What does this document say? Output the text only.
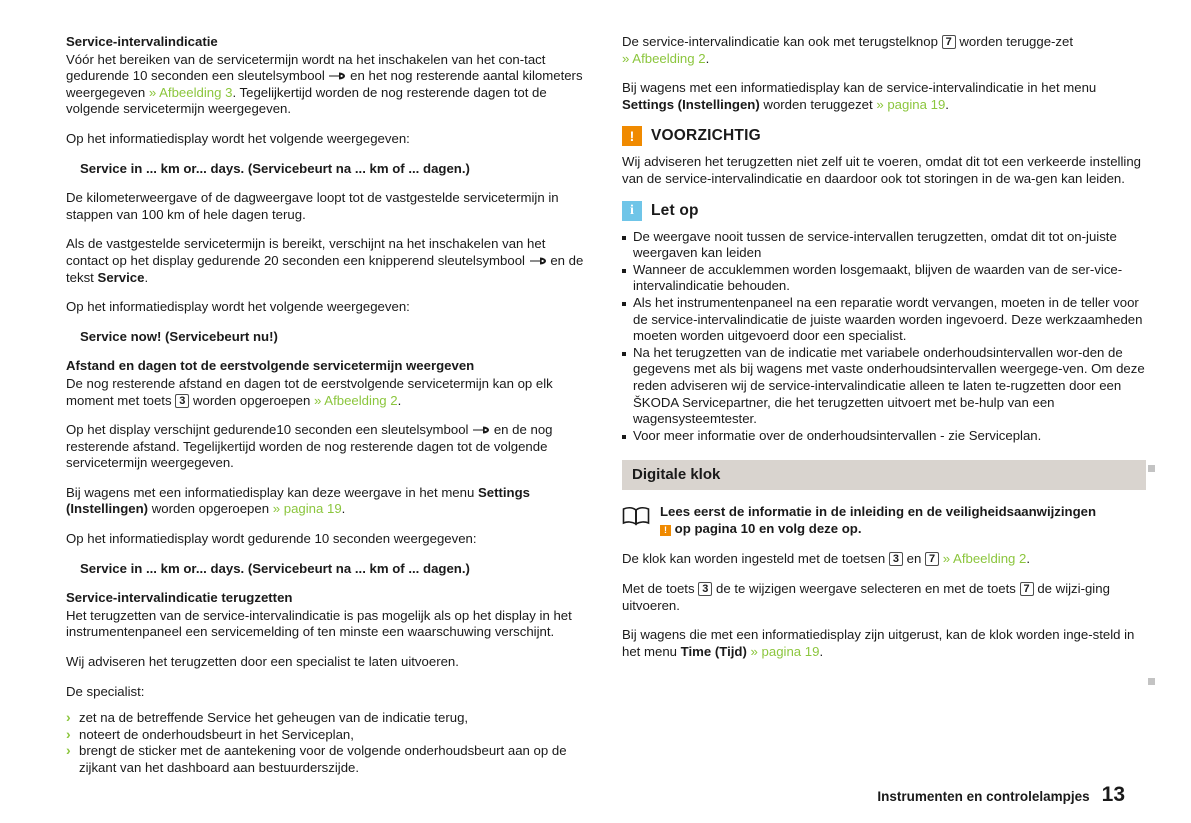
Service-intervalindicatie

Vóór het bereiken van de servicetermijn wordt na het inschakelen van het con-tact gedurende 10 seconden een sleutelsymbool en het nog resterende aantal kilometers weergegeven » Afbeelding 3. Tegelijkertijd worden de nog resterende dagen tot de volgende servicetermijn weergegeven.

Op het informatiedisplay wordt het volgende weergegeven:

Service in ... km or... days. (Servicebeurt na ... km of ... dagen.)

De kilometerweergave of de dagweergave loopt tot de vastgestelde servicetermijn in stappen van 100 km of hele dagen terug.

Als de vastgestelde servicetermijn is bereikt, verschijnt na het inschakelen van het contact op het display gedurende 20 seconden een knipperend sleutelsymbool en de tekst Service.

Op het informatiedisplay wordt het volgende weergegeven:

Service now! (Servicebeurt nu!)
Afstand en dagen tot de eerstvolgende servicetermijn weergeven

De nog resterende afstand en dagen tot de eerstvolgende servicetermijn kan op elk moment met toets 3 worden opgeroepen » Afbeelding 2.

Op het display verschijnt gedurende10 seconden een sleutelsymbool en de nog resterende afstand. Tegelijkertijd worden de nog resterende dagen tot de volgende servicetermijn weergegeven.

Bij wagens met een informatiedisplay kan deze weergave in het menu Settings (Instellingen) worden opgeroepen » pagina 19.

Op het informatiedisplay wordt gedurende 10 seconden weergegeven:

Service in ... km or... days. (Servicebeurt na ... km of ... dagen.)
Service-intervalindicatie terugzetten

Het terugzetten van de service-intervalindicatie is pas mogelijk als op het display in het instrumentenpaneel een servicemelding of ten minste een waarschuwing verschijnt.

Wij adviseren het terugzetten door een specialist te laten uitvoeren.

De specialist:

› zet na de betreffende Service het geheugen van de indicatie terug,
› noteert de onderhoudsbeurt in het Serviceplan,
› brengt de sticker met de aantekening voor de volgende onderhoudsbeurt aan op de zijkant van het dashboard aan bestuurderszijde.

De service-intervalindicatie kan ook met terugstelknop 7 worden terugge-zet » Afbeelding 2.

Bij wagens met een informatiedisplay kan de service-intervalindicatie in het menu Settings (Instellingen) worden teruggezet » pagina 19.

!	VOORZICHTIG

Wij adviseren het terugzetten niet zelf uit te voeren, omdat dit tot een verkeerde instelling van de service-intervalindicatie en daardoor ook tot storingen in de wa-gen kan leiden.

i	Let op
De weergave nooit tussen de service-intervallen terugzetten, omdat dit tot on-juiste weergaven kan leiden
Wanneer de accuklemmen worden losgemaakt, blijven de waarden van de ser-vice-intervalindicatie behouden.
Als het instrumentenpaneel na een reparatie wordt vervangen, moeten in de teller voor de service-intervalindicatie de juiste waarden worden ingevoerd. Deze werkzaamheden moeten worden uitgevoerd door een specialist.
Na het terugzetten van de indicatie met variabele onderhoudsintervallen wor-den de gegevens met als bij wagens met vaste onderhoudsintervallen weergege-ven. Om deze reden adviseren wij de service-intervalindicatie alleen te laten te-rugzetten door een ŠKODA Servicepartner, die het terugzetten uitvoert met be-hulp van een wagensysteemtester.
Voor meer informatie over de onderhoudsintervallen - zie Serviceplan.
Digitale klok
Lees eerst de informatie in de inleiding en de veiligheidsaanwijzingen
! op pagina 10 en volg deze op.

De klok kan worden ingesteld met de toetsen 3 en 7 » Afbeelding 2.

Met de toets 3 de te wijzigen weergave selecteren en met de toets 7 de wijzi-ging uitvoeren.

Bij wagens die met een informatiedisplay zijn uitgerust, kan de klok worden inge-steld in het menu Time (Tijd) » pagina 19.

Instrumenten en controlelampjes 13
